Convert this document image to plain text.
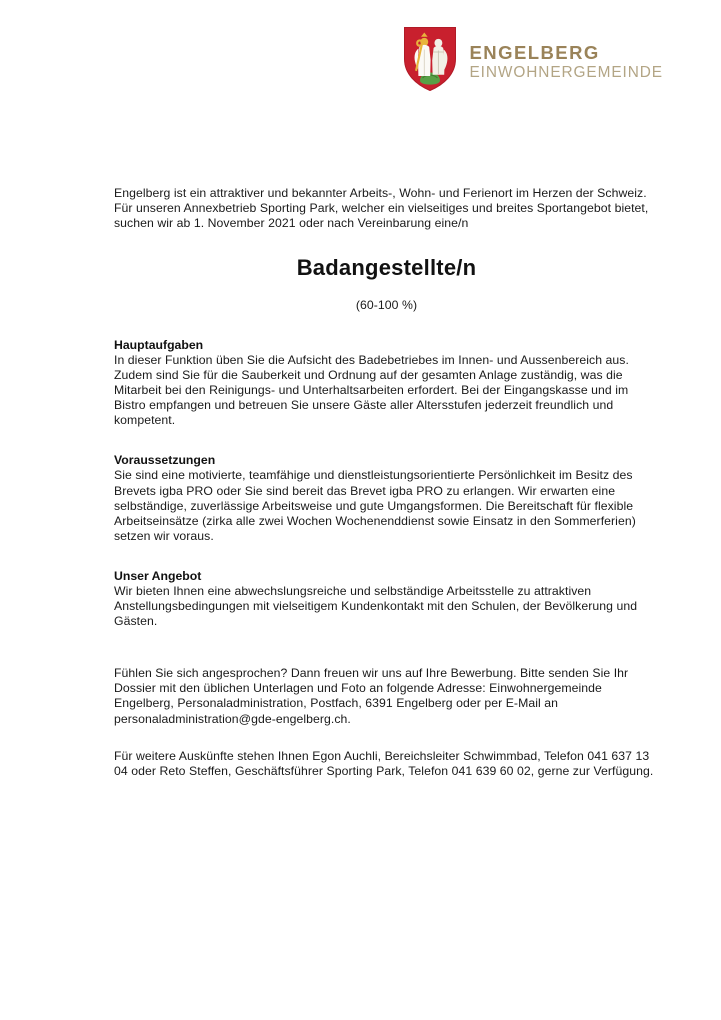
ENGELBERG
EINWOHNERGEMEINDE

Engelberg ist ein attraktiver und bekannter Arbeits-, Wohn- und Ferienort im Herzen der Schweiz. Für unseren Annexbetrieb Sporting Park, welcher ein vielseitiges und breites Sportangebot bietet, suchen wir ab 1. November 2021 oder nach Vereinbarung eine/n

Badangestellte/n

(60-100 %)

Hauptaufgaben

In dieser Funktion üben Sie die Aufsicht des Badebetriebes im Innen- und Aussenbereich aus. Zudem sind Sie für die Sauberkeit und Ordnung auf der gesamten Anlage zuständig, was die Mitarbeit bei den Reinigungs- und Unterhaltsarbeiten erfordert. Bei der Eingangskasse und im Bistro empfangen und betreuen Sie unsere Gäste aller Altersstufen jederzeit freundlich und kompetent.

Voraussetzungen

Sie sind eine motivierte, teamfähige und dienstleistungsorientierte Persönlichkeit im Besitz des Brevets igba PRO oder Sie sind bereit das Brevet igba PRO zu erlangen. Wir erwarten eine selbständige, zuverlässige Arbeitsweise und gute Umgangsformen. Die Bereitschaft für flexible Arbeitseinsätze (zirka alle zwei Wochen Wochenenddienst sowie Einsatz in den Sommerferien) setzen wir voraus.

Unser Angebot

Wir bieten Ihnen eine abwechslungsreiche und selbständige Arbeitsstelle zu attraktiven Anstellungsbedingungen mit vielseitigem Kundenkontakt mit den Schulen, der Bevölkerung und Gästen.

Fühlen Sie sich angesprochen? Dann freuen wir uns auf Ihre Bewerbung. Bitte senden Sie Ihr Dossier mit den üblichen Unterlagen und Foto an folgende Adresse: Einwohnergemeinde Engelberg, Personaladministration, Postfach, 6391 Engelberg oder per E-Mail an personaladministration@gde-engelberg.ch.

Für weitere Auskünfte stehen Ihnen Egon Auchli, Bereichsleiter Schwimmbad, Telefon 041 637 13 04 oder Reto Steffen, Geschäftsführer Sporting Park, Telefon 041 639 60 02, gerne zur Verfügung.
